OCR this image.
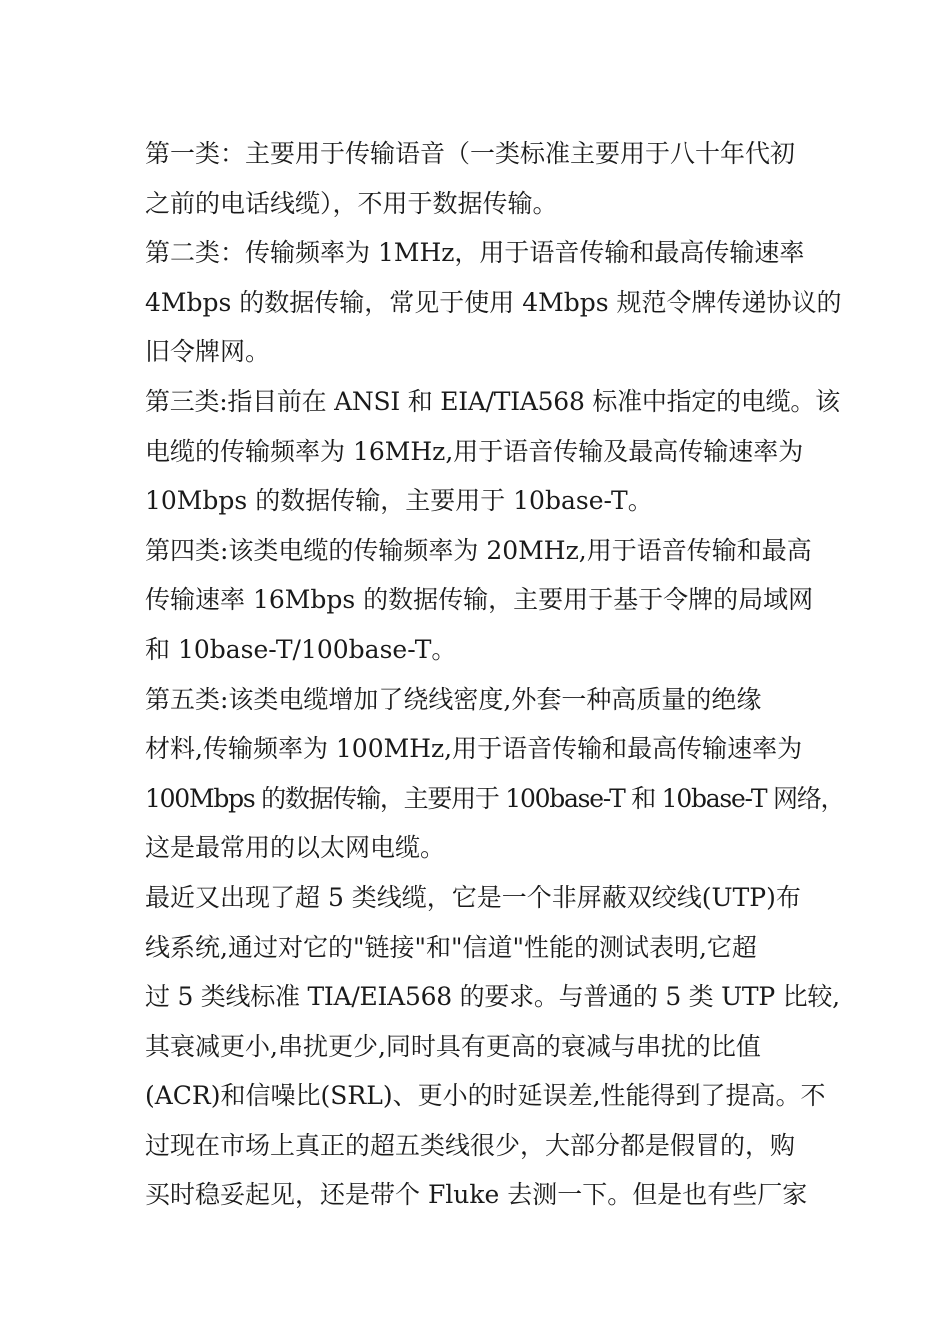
第一类：主要用于传输语音（一类标准主要用于八十年代初
之前的电话线缆），不用于数据传输。
第二类：传输频率为 1MHz，用于语音传输和最高传输速率
4Mbps 的数据传输，常见于使用 4Mbps 规范令牌传递协议的
旧令牌网。
第三类:指目前在 ANSI 和 EIA/TIA568 标准中指定的电缆。该
电缆的传输频率为 16MHz,用于语音传输及最高传输速率为
10Mbps 的数据传输，主要用于 10base-T。
第四类:该类电缆的传输频率为 20MHz,用于语音传输和最高
传输速率 16Mbps 的数据传输，主要用于基于令牌的局域网
和 10base-T/100base-T。
第五类:该类电缆增加了绕线密度,外套一种高质量的绝缘
材料,传输频率为 100MHz,用于语音传输和最高传输速率为
100Mbps 的数据传输，主要用于 100base-T 和 10base-T 网络，
这是最常用的以太网电缆。
最近又出现了超 5 类线缆，它是一个非屏蔽双绞线(UTP)布
线系统,通过对它的"链接"和"信道"性能的测试表明,它超
过 5 类线标准 TIA/EIA568 的要求。与普通的 5 类 UTP 比较,
其衰减更小,串扰更少,同时具有更高的衰减与串扰的比值
(ACR)和信噪比(SRL)、更小的时延误差,性能得到了提高。不
过现在市场上真正的超五类线很少，大部分都是假冒的，购
买时稳妥起见，还是带个 Fluke 去测一下。但是也有些厂家
